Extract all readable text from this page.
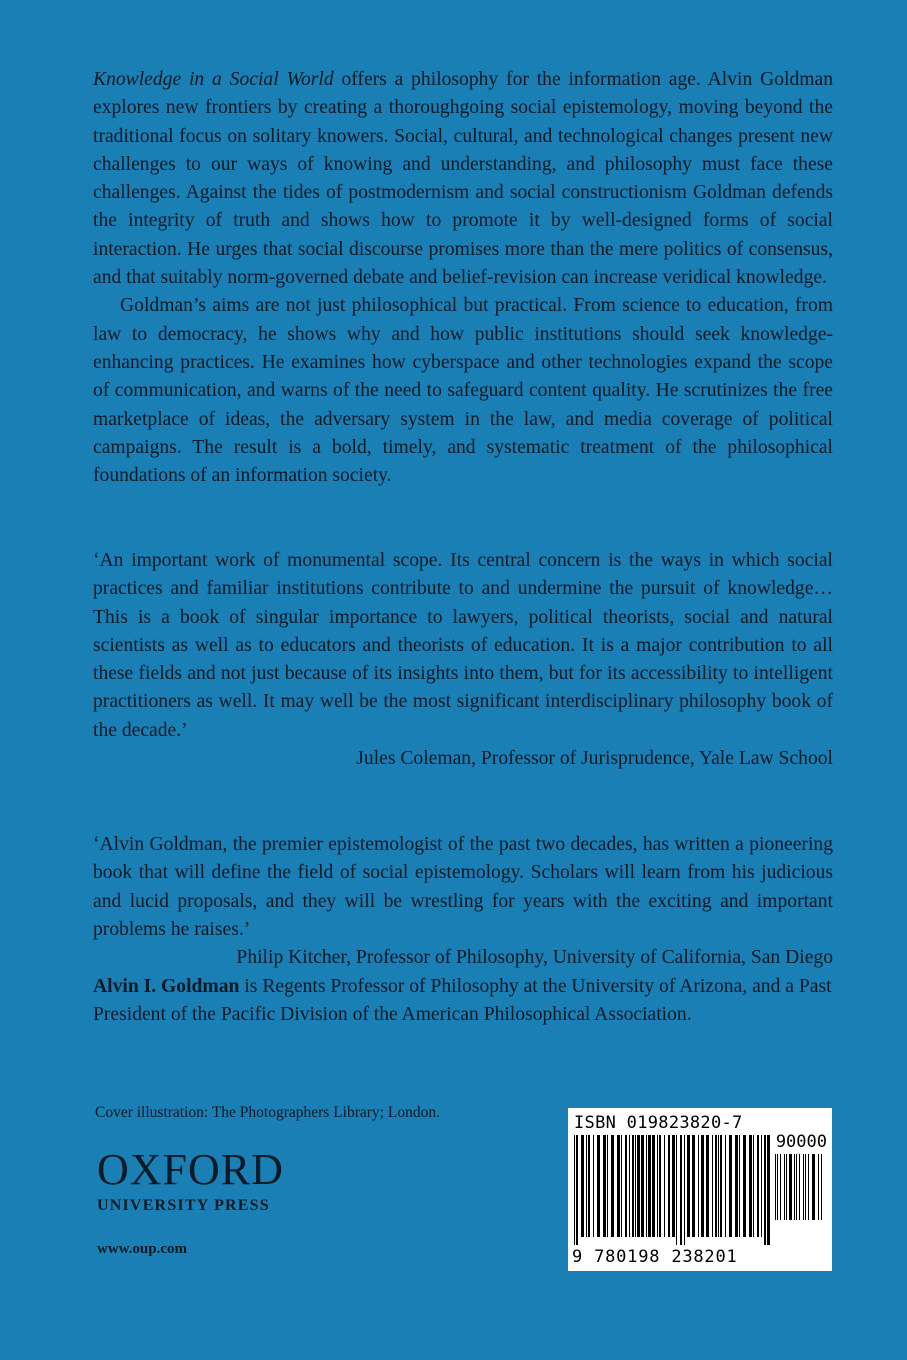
Knowledge in a Social World offers a philosophy for the information age. Alvin Goldman explores new frontiers by creating a thoroughgoing social epistemology, moving beyond the traditional focus on solitary knowers. Social, cultural, and technological changes present new challenges to our ways of knowing and understanding, and philosophy must face these challenges. Against the tides of postmodernism and social constructionism Goldman defends the integrity of truth and shows how to promote it by well-designed forms of social interaction. He urges that social discourse promises more than the mere politics of consensus, and that suitably norm-governed debate and belief-revision can increase veridical knowledge.

Goldman’s aims are not just philosophical but practical. From science to education, from law to democracy, he shows why and how public institutions should seek knowledge-enhancing practices. He examines how cyberspace and other technologies expand the scope of communication, and warns of the need to safeguard content quality. He scrutinizes the free marketplace of ideas, the adversary system in the law, and media coverage of political campaigns. The result is a bold, timely, and systematic treatment of the philosophical foundations of an information society.

‘An important work of monumental scope. Its central concern is the ways in which social practices and familiar institutions contribute to and undermine the pursuit of knowledge…This is a book of singular importance to lawyers, political theorists, social and natural scientists as well as to educators and theorists of education. It is a major contribution to all these fields and not just because of its insights into them, but for its accessibility to intelligent practitioners as well. It may well be the most significant interdisciplinary philosophy book of the decade.’

Jules Coleman, Professor of Jurisprudence, Yale Law School

‘Alvin Goldman, the premier epistemologist of the past two decades, has written a pioneering book that will define the field of social epistemology. Scholars will learn from his judicious and lucid proposals, and they will be wrestling for years with the exciting and important problems he raises.’

Philip Kitcher, Professor of Philosophy, University of California, San Diego

Alvin I. Goldman is Regents Professor of Philosophy at the University of Arizona, and a Past President of the Pacific Division of the American Philosophical Association.

Cover illustration: The Photographers Library; London.
OXFORD
UNIVERSITY PRESS
www.oup.com
ISBN 019823820-7
90000
9 780198 238201
